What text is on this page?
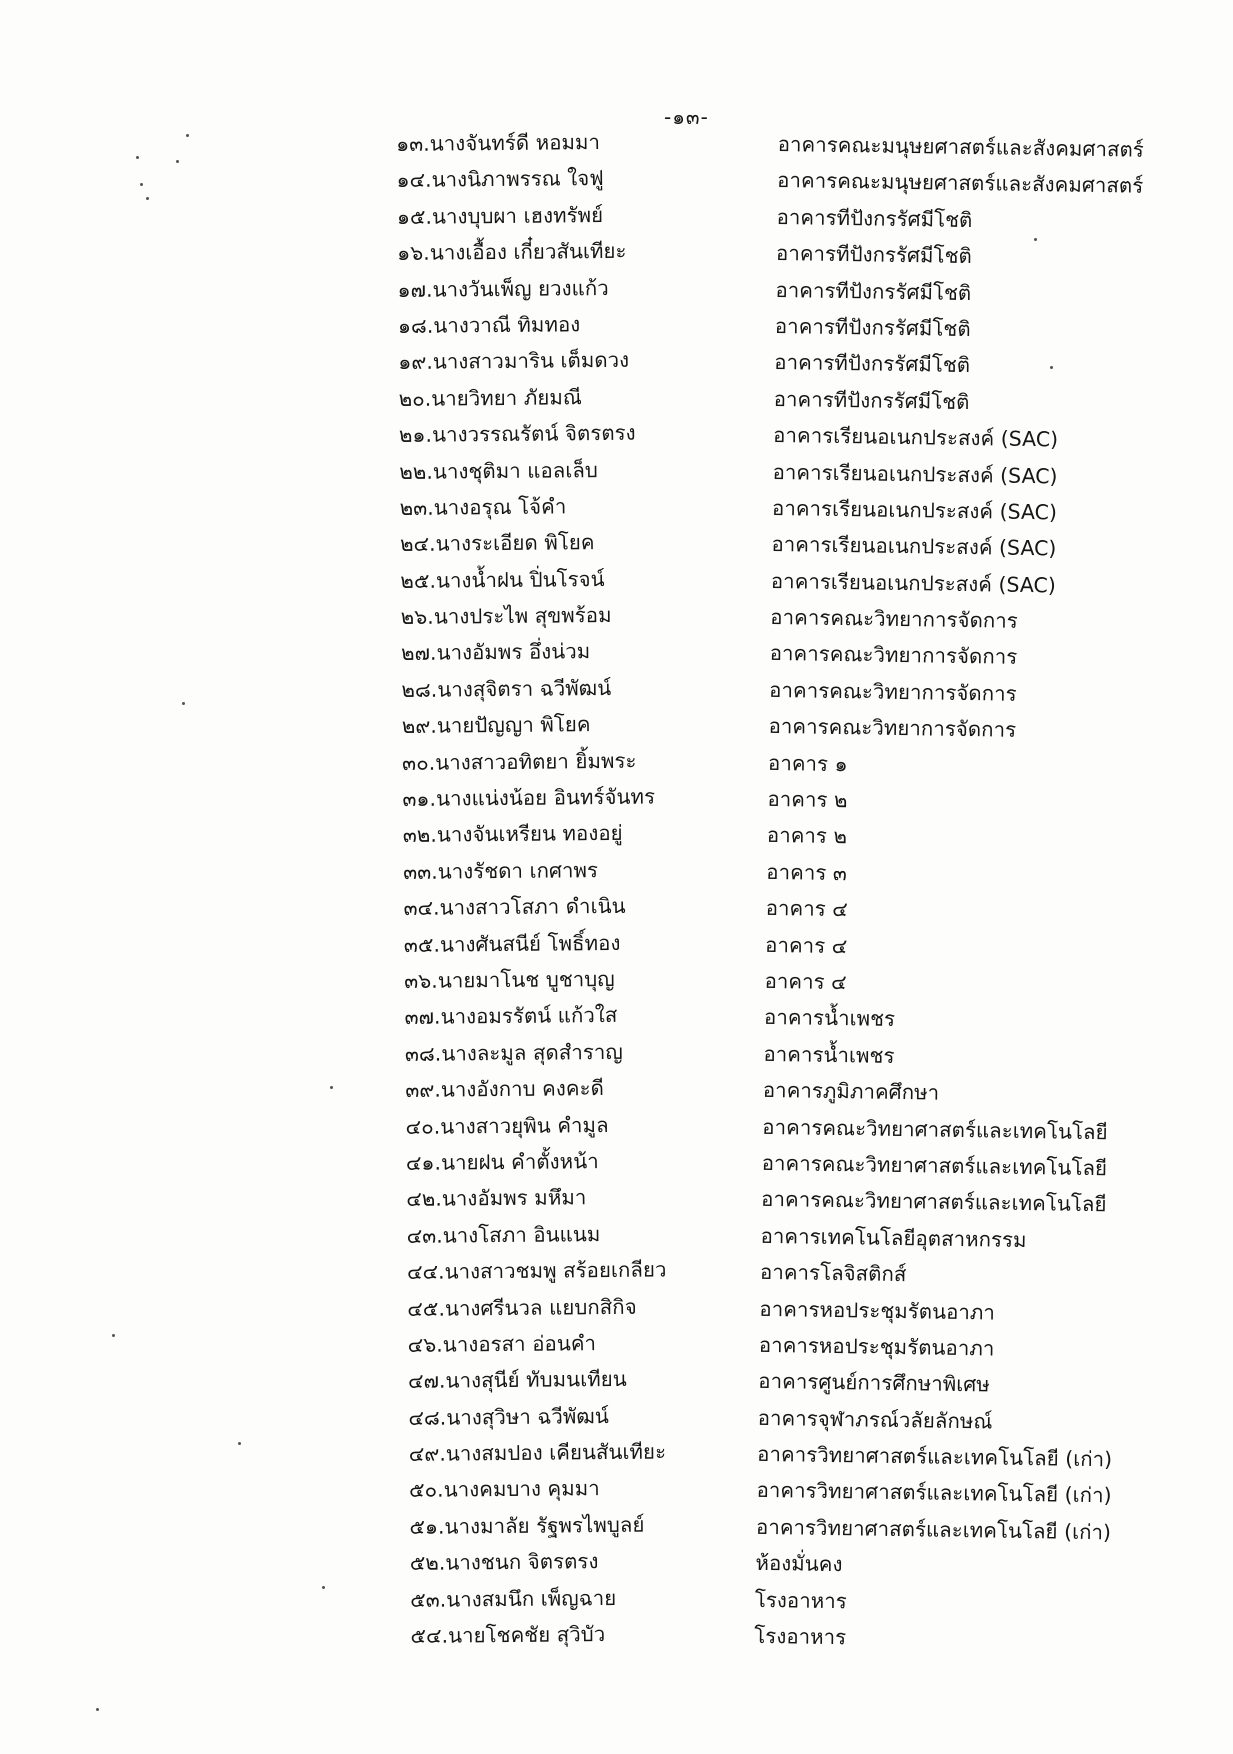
-๑๓-
๑๓.นางจันทร์ดี หอมมา
๑๔.นางนิภาพรรณ ใจฟู
๑๕.นางบุบผา เฮงทรัพย์
๑๖.นางเอื้อง เกี๋ยวสันเทียะ
๑๗.นางวันเพ็ญ ยวงแก้ว
๑๘.นางวาณี ทิมทอง
๑๙.นางสาวมาริน เต็มดวง
๒๐.นายวิทยา ภัยมณี
๒๑.นางวรรณรัตน์ จิตรตรง
๒๒.นางชุติมา แอลเล็บ
๒๓.นางอรุณ โจ้คำ
๒๔.นางระเอียด พิโยค
๒๕.นางน้ำฝน ปิ่นโรจน์
๒๖.นางประไพ สุขพร้อม
๒๗.นางอัมพร อึ่งน่วม
๒๘.นางสุจิตรา ฉวีพัฒน์
๒๙.นายปัญญา พิโยค
๓๐.นางสาวอทิตยา ยิ้มพระ
๓๑.นางแน่งน้อย อินทร์จันทร
๓๒.นางจันเหรียน ทองอยู่
๓๓.นางรัชดา เกศาพร
๓๔.นางสาวโสภา ดำเนิน
๓๕.นางศันสนีย์ โพธิ์ทอง
๓๖.นายมาโนช บูชาบุญ
๓๗.นางอมรรัตน์ แก้วใส
๓๘.นางละมูล สุดสำราญ
๓๙.นางอังกาบ คงคะดี
๔๐.นางสาวยุพิน คำมูล
๔๑.นายฝน คำตั้งหน้า
๔๒.นางอัมพร มหึมา
๔๓.นางโสภา อินแนม
๔๔.นางสาวชมพู สร้อยเกลียว
๔๕.นางศรีนวล แยบกสิกิจ
๔๖.นางอรสา อ่อนคำ
๔๗.นางสุนีย์ ทับมนเทียน
๔๘.นางสุวิษา ฉวีพัฒน์
๔๙.นางสมปอง เคียนสันเทียะ
๕๐.นางคมบาง คุมมา
๕๑.นางมาลัย รัฐพรไพบูลย์
๕๒.นางชนก จิตรตรง
๕๓.นางสมนึก เพ็ญฉาย
๕๔.นายโชคชัย สุวิบัว
อาคารคณะมนุษยศาสตร์และสังคมศาสตร์
อาคารคณะมนุษยศาสตร์และสังคมศาสตร์
อาคารทีปังกรรัศมีโชติ
อาคารทีปังกรรัศมีโชติ
อาคารทีปังกรรัศมีโชติ
อาคารทีปังกรรัศมีโชติ
อาคารทีปังกรรัศมีโชติ
อาคารทีปังกรรัศมีโชติ
อาคารเรียนอเนกประสงค์ (SAC)
อาคารเรียนอเนกประสงค์ (SAC)
อาคารเรียนอเนกประสงค์ (SAC)
อาคารเรียนอเนกประสงค์ (SAC)
อาคารเรียนอเนกประสงค์ (SAC)
อาคารคณะวิทยาการจัดการ
อาคารคณะวิทยาการจัดการ
อาคารคณะวิทยาการจัดการ
อาคารคณะวิทยาการจัดการ
อาคาร ๑
อาคาร ๒
อาคาร ๒
อาคาร ๓
อาคาร ๔
อาคาร ๔
อาคาร ๔
อาคารน้ำเพชร
อาคารน้ำเพชร
อาคารภูมิภาคศึกษา
อาคารคณะวิทยาศาสตร์และเทคโนโลยี
อาคารคณะวิทยาศาสตร์และเทคโนโลยี
อาคารคณะวิทยาศาสตร์และเทคโนโลยี
อาคารเทคโนโลยีอุตสาหกรรม
อาคารโลจิสติกส์
อาคารหอประชุมรัตนอาภา
อาคารหอประชุมรัตนอาภา
อาคารศูนย์การศึกษาพิเศษ
อาคารจุฬาภรณ์วลัยลักษณ์
อาคารวิทยาศาสตร์และเทคโนโลยี (เก่า)
อาคารวิทยาศาสตร์และเทคโนโลยี (เก่า)
อาคารวิทยาศาสตร์และเทคโนโลยี (เก่า)
ห้องมั่นคง
โรงอาหาร
โรงอาหาร
